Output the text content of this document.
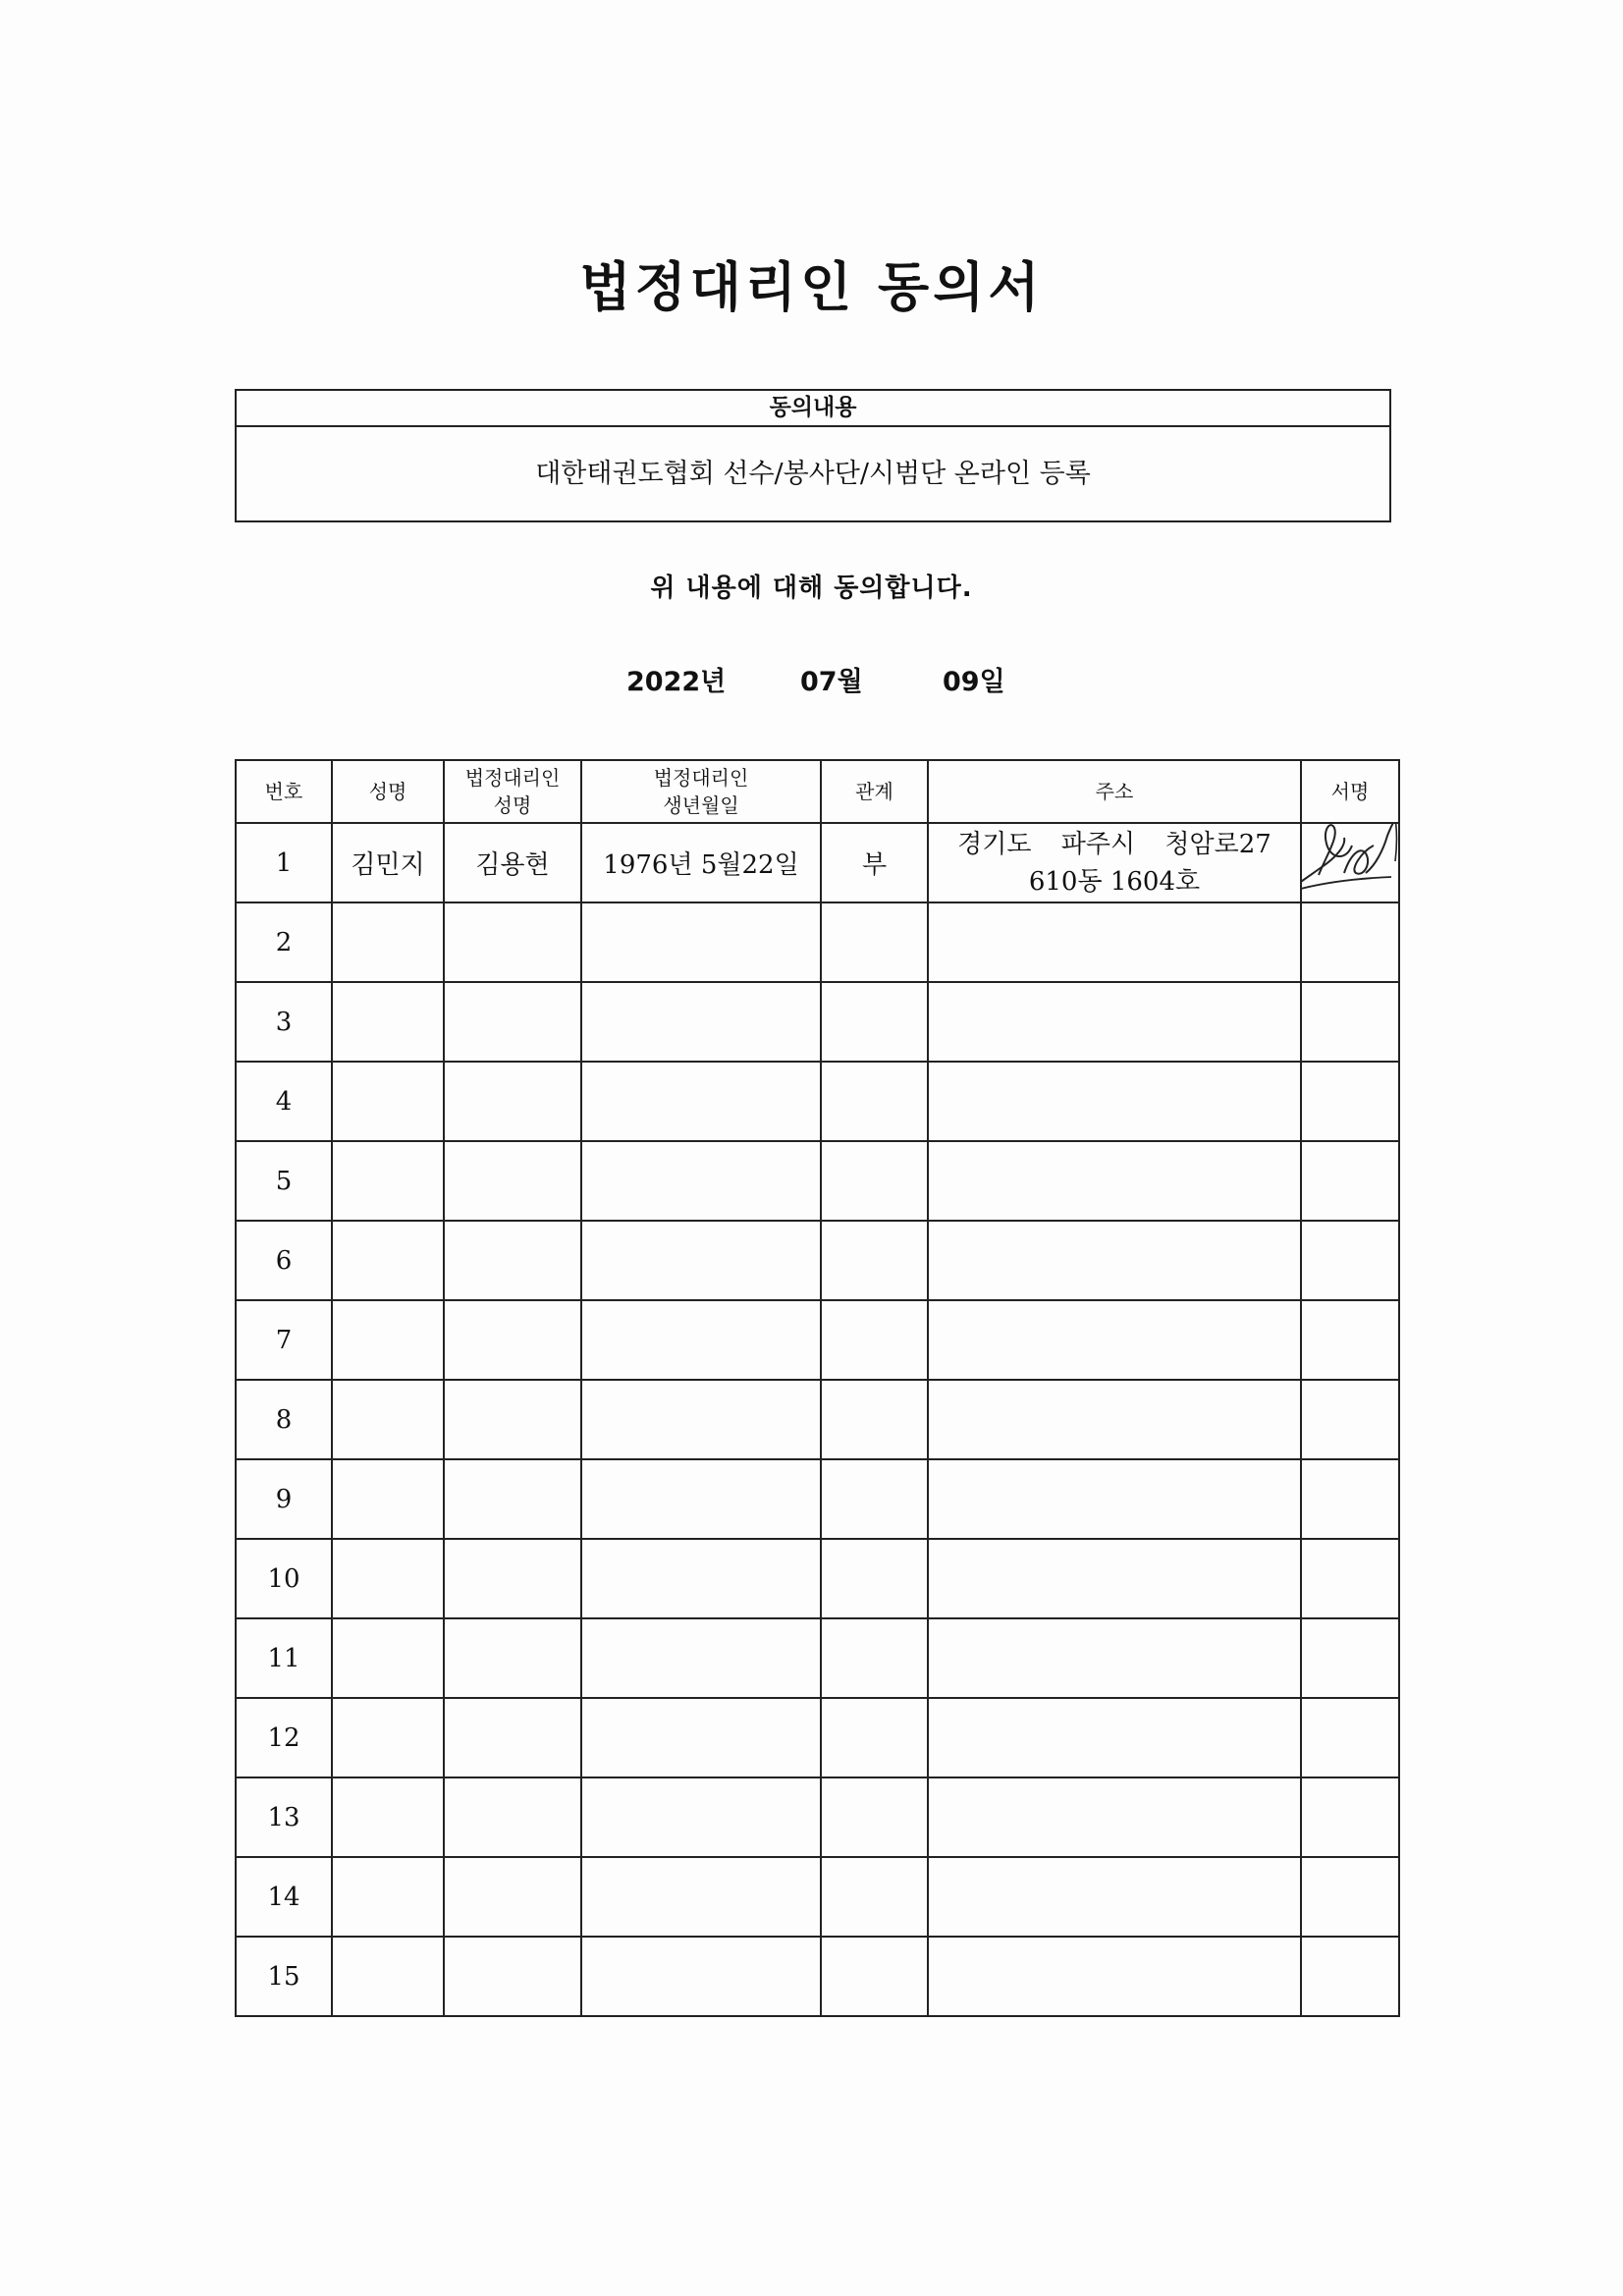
법정대리인 동의서
동의내용
대한태권도협회 선수/봉사단/시범단 온라인 등록
위 내용에 대해 동의합니다.
2022년	07월	09일
번호	성명	법정대리인 성명	법정대리인 생년월일	관계	주소	서명
1	김민지	김용현	1976년 5월22일	부	경기도 파주시 청암로27
610동 1604호

2						
3						
4						
5						
6						
7						
8						
9						
10						
11						
12						
13						
14						
15						
